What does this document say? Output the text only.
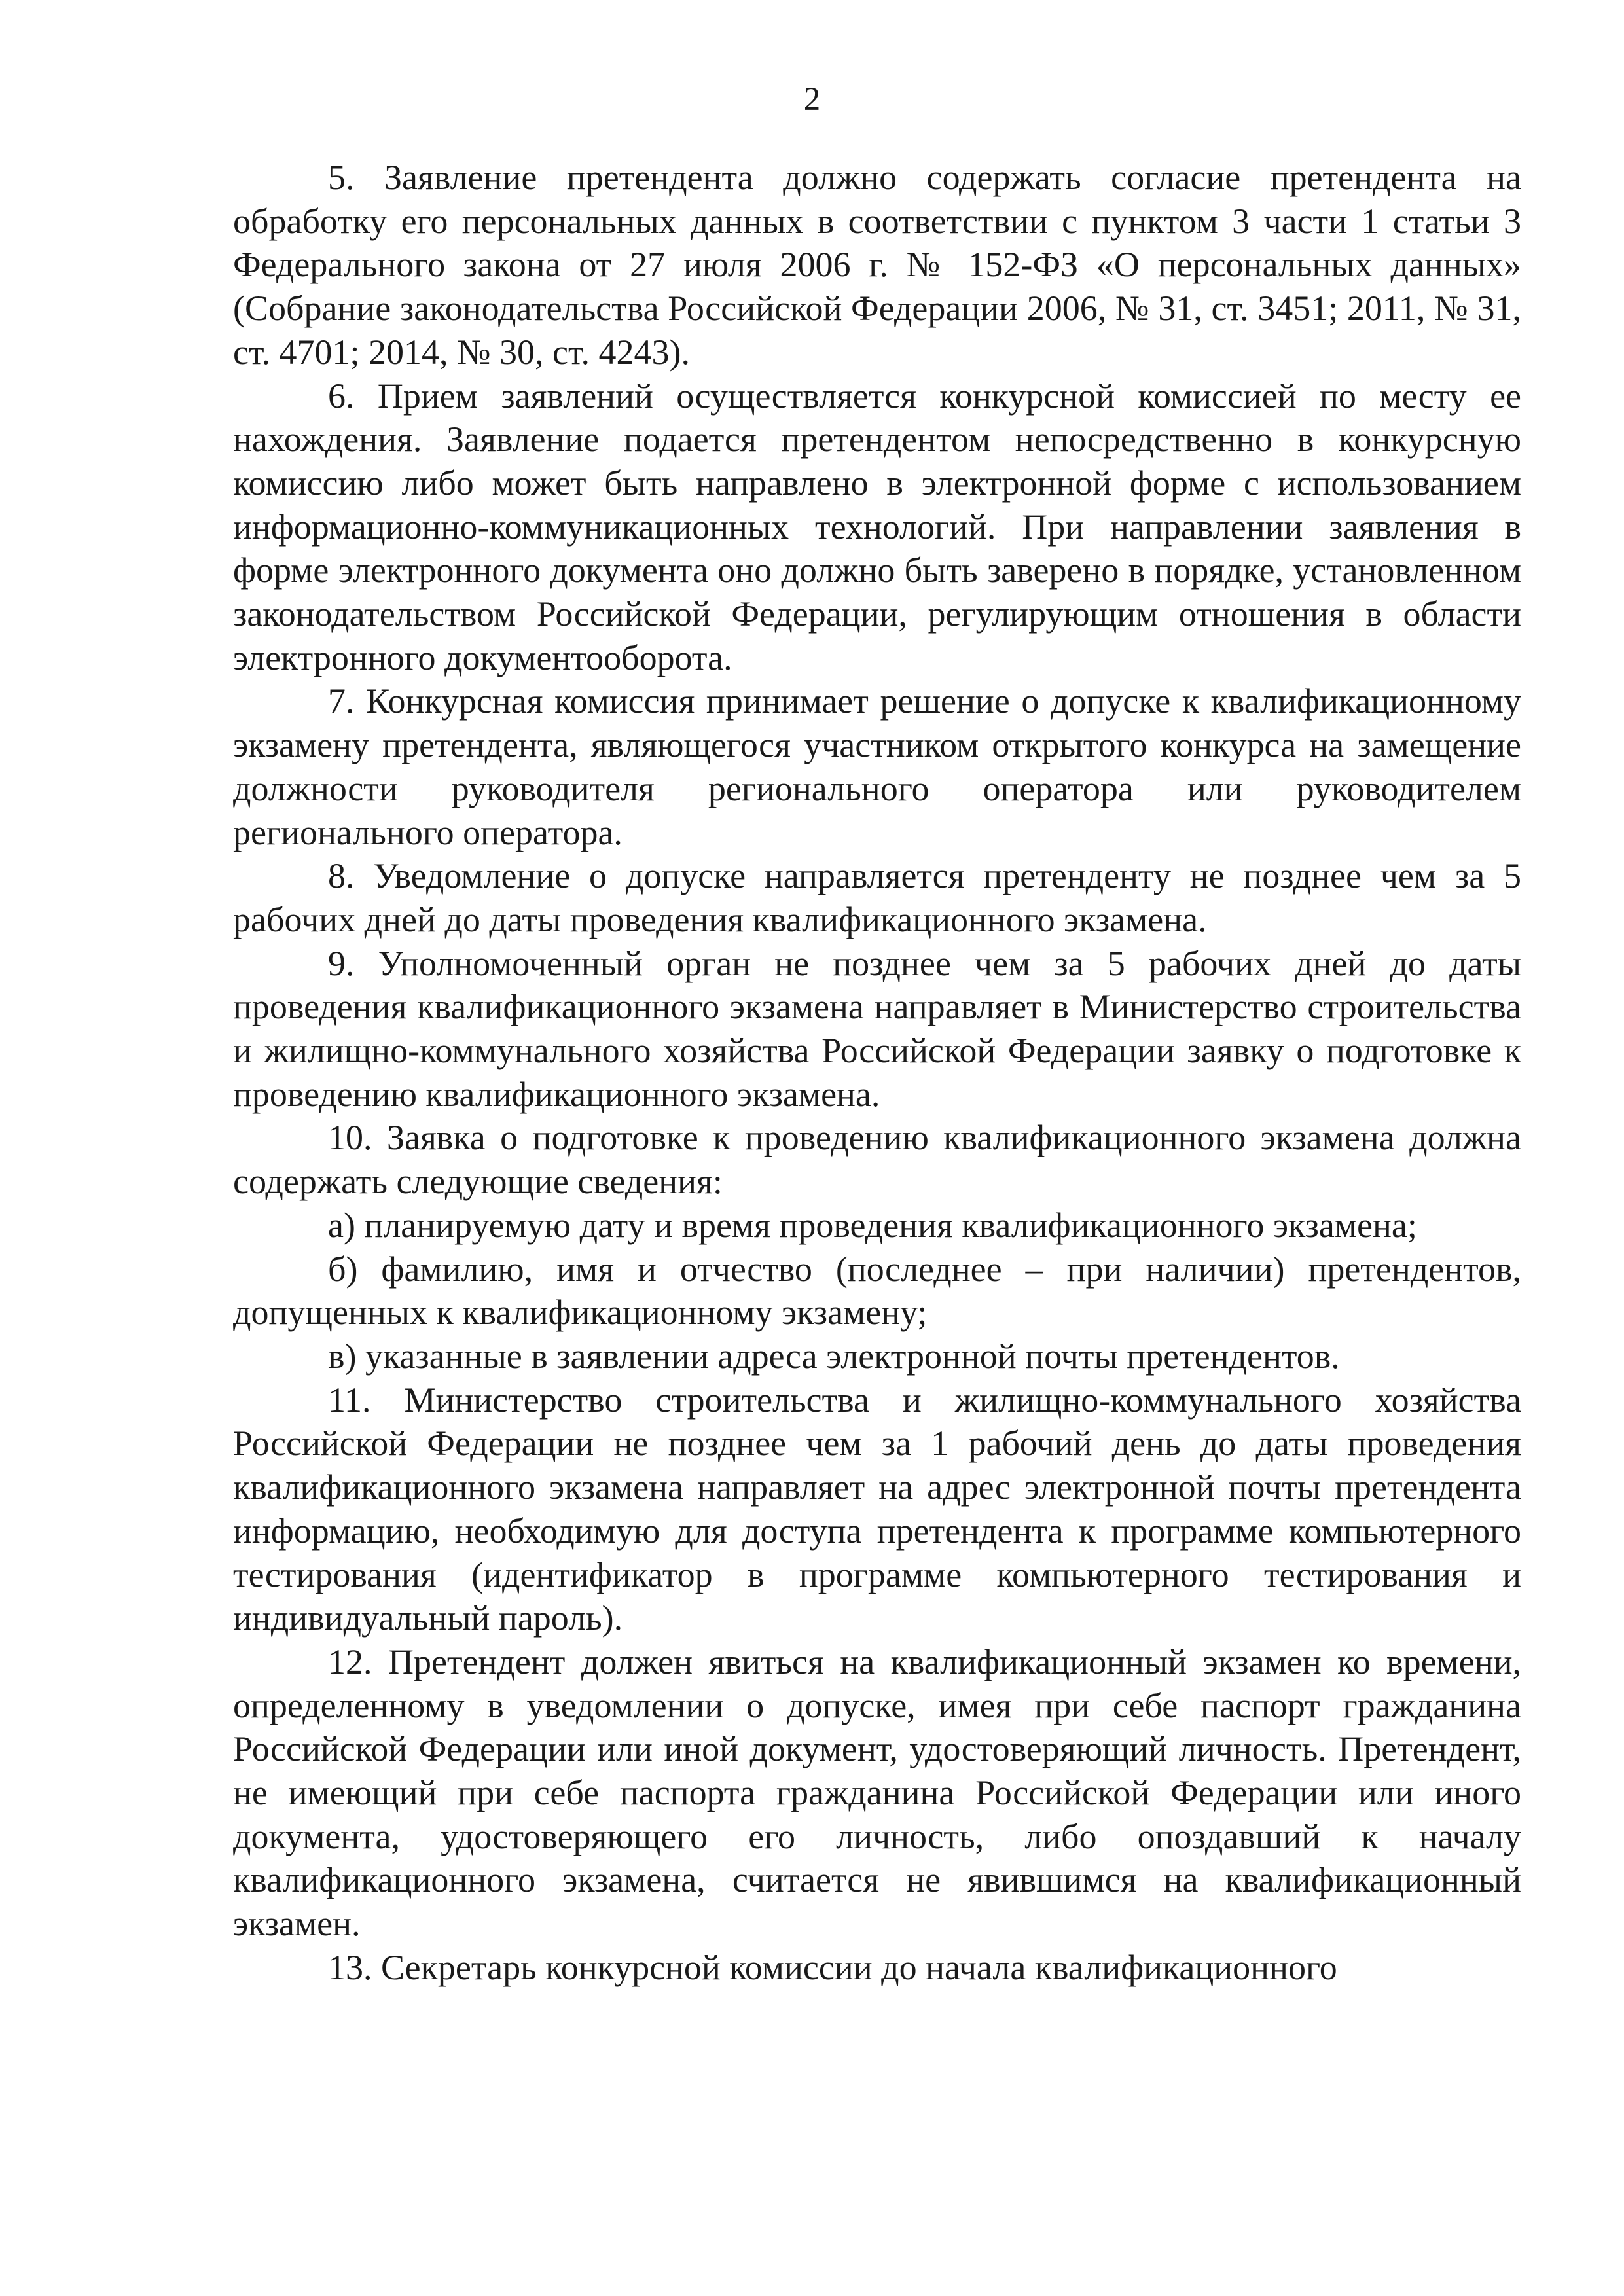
2

5. Заявление претендента должно содержать согласие претендента на обработку его персональных данных в соответствии с пунктом 3 части 1 статьи 3 Федерального закона от 27 июля 2006 г. № 152-ФЗ «О персональных данных» (Собрание законодательства Российской Федерации 2006, № 31, ст. 3451; 2011, № 31, ст. 4701; 2014, № 30, ст. 4243).

6. Прием заявлений осуществляется конкурсной комиссией по месту ее нахождения. Заявление подается претендентом непосредственно в конкурсную комиссию либо может быть направлено в электронной форме с использованием информационно-коммуникационных технологий. При направлении заявления в форме электронного документа оно должно быть заверено в порядке, установленном законодательством Российской Федерации, регулирующим отношения в области электронного документооборота.

7. Конкурсная комиссия принимает решение о допуске к квалификационному экзамену претендента, являющегося участником открытого конкурса на замещение должности руководителя регионального оператора или руководителем регионального оператора.

8. Уведомление о допуске направляется претенденту не позднее чем за 5 рабочих дней до даты проведения квалификационного экзамена.

9. Уполномоченный орган не позднее чем за 5 рабочих дней до даты проведения квалификационного экзамена направляет в Министерство строительства и жилищно-коммунального хозяйства Российской Федерации заявку о подготовке к проведению квалификационного экзамена.

10. Заявка о подготовке к проведению квалификационного экзамена должна содержать следующие сведения:

а) планируемую дату и время проведения квалификационного экзамена;

б) фамилию, имя и отчество (последнее – при наличии) претендентов, допущенных к квалификационному экзамену;

в) указанные в заявлении адреса электронной почты претендентов.

11. Министерство строительства и жилищно-коммунального хозяйства Российской Федерации не позднее чем за 1 рабочий день до даты проведения квалификационного экзамена направляет на адрес электронной почты претендента информацию, необходимую для доступа претендента к программе компьютерного тестирования (идентификатор в программе компьютерного тестирования и индивидуальный пароль).

12. Претендент должен явиться на квалификационный экзамен ко времени, определенному в уведомлении о допуске, имея при себе паспорт гражданина Российской Федерации или иной документ, удостоверяющий личность. Претендент, не имеющий при себе паспорта гражданина Российской Федерации или иного документа, удостоверяющего его личность, либо опоздавший к началу квалификационного экзамена, считается не явившимся на квалификационный экзамен.

13. Секретарь конкурсной комиссии до начала квалификационного
